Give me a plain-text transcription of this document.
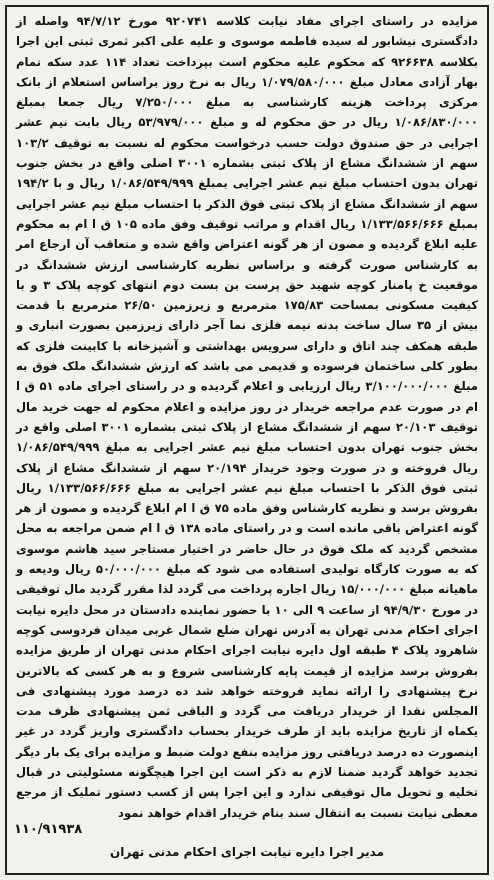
مزایده در راستای اجرای مفاد نیابت کلاسه ۹۲۰۷۴۱ مورخ ۹۴/۷/۱۲ واصله از دادگستری نیشابور له سیده فاطمه موسوی و علیه علی اکبر ثمری ثبتی این اجرا بکلاسه ۹۲۶۶۳۸ که محکوم علیه محکوم است بپرداخت تعداد ۱۱۴ عدد سکه تمام بهار آزادی معادل مبلغ ۱/۰۷۹/۵۸۰/۰۰۰ ریال به نرخ روز براساس استعلام از بانک مرکزی پرداخت هزینه کارشناسی به مبلغ ۷/۲۵۰/۰۰۰ ریال جمعا بمبلغ ۱/۰۸۶/۸۳۰/۰۰۰ ریال در حق محکوم له و مبلغ ۵۳/۹۷۹/۰۰۰ ریال بابت نیم عشر اجرایی در حق صندوق دولت حسب درخواست محکوم له نسبت به توقیف ۱۰۳/۲ سهم از ششدانگ مشاع از پلاک ثبتی بشماره ۳۰۰۱ اصلی واقع در بخش جنوب تهران بدون احتساب مبلغ نیم عشر اجرایی بمبلغ ۱/۰۸۶/۵۴۹/۹۹۹ ریال و با ۱۹۴/۲ سهم از ششدانگ مشاع از پلاک ثبتی فوق الذکر با احتساب مبلغ نیم عشر اجرایی بمبلغ ۱/۱۳۳/۵۶۶/۶۶۶ ریال اقدام و مراتب توقیف وفق ماده ۱۰۵ ق ا ام به محکوم علیه ابلاغ گردیده و مصون از هر گونه اعتراض واقع شده و متعاقب آن ارجاع امر به کارشناس صورت گرفته و براساس نظریه کارشناسی ارزش ششدانگ در موقعیت خ پامنار کوچه شهید حق پرست بن بست دوم انتهای کوچه پلاک ۳ و با کیفیت مسکونی بمساحت ۱۷۵/۸۳ مترمربع و زیرزمین ۲۶/۵۰ مترمربع با قدمت بیش از ۳۵ سال ساخت بدنه نیمه فلزی نما آجر دارای زیرزمین بصورت انباری و طبقه همکف چند اتاق و دارای سرویس بهداشتی و آشپزخانه با کابینت فلزی که بطور کلی ساختمان فرسوده و قدیمی می باشد که ارزش ششدانگ ملک فوق به مبلغ ۳/۱۰۰/۰۰۰/۰۰۰ ریال ارزیابی و اعلام گردیده و در راستای اجرای ماده ۵۱ ق ا ام در صورت عدم مراجعه خریدار در روز مزایده و اعلام محکوم له جهت خرید مال توقیف ۲۰/۱۰۳ سهم از ششدانگ مشاع از پلاک ثبتی بشماره ۳۰۰۱ اصلی واقع در بخش جنوب تهران بدون احتساب مبلغ نیم عشر اجرایی به مبلغ ۱/۰۸۶/۵۴۹/۹۹۹ ریال فروخته و در صورت وجود خریدار ۲۰/۱۹۴ سهم از ششدانگ مشاع از پلاک ثبتی فوق الذکر با احتساب مبلغ نیم عشر اجرایی به مبلغ ۱/۱۳۳/۵۶۶/۶۶۶ ریال بفروش برسد و نظریه کارشناس وفق ماده ۷۵ ق ا ام ابلاغ گردیده و مصون از هر گونه اعتراض باقی مانده است و در راستای ماده ۱۳۸ ق ا ام ضمن مراجعه به محل مشخص گردید که ملک فوق در حال حاضر در اختیار مستاجر سید هاشم موسوی که به صورت کارگاه تولیدی استفاده می شود که مبلغ ۵۰/۰۰۰/۰۰۰ ریال ودیعه و ماهیانه مبلغ ۱۵/۰۰۰/۰۰۰ ریال اجاره پرداخت می گردد لذا مقرر گردید مال توقیفی در مورخ ۹۴/۹/۳۰ از ساعت ۹ الی ۱۰ با حضور نماینده دادستان در محل دایره نیابت اجرای احکام مدنی تهران به آدرس تهران ضلع شمال غربی میدان فردوسی کوچه شاهرود پلاک ۴ طبقه اول دایره نیابت اجرای احکام مدنی تهران از طریق مزایده بفروش برسد مزایده از قیمت پایه کارشناسی شروع و به هر کسی که بالاترین نرخ پیشنهادی را ارائه نماید فروخته خواهد شد ده درصد مورد پیشنهادی فی المجلس نقدا از خریدار دریافت می گردد و الباقی ثمن پیشنهادی ظرف مدت یکماه از تاریخ مزایده باید از طرف خریدار بحساب دادگستری واریز گردد در غیر اینصورت ده درصد دریافتی روز مزایده بنفع دولت ضبط و مزایده برای یک بار دیگر تجدید خواهد گردید ضمنا لازم به ذکر است این اجرا هیچگونه مسئولیتی در قبال تخلیه و تحویل مال توقیفی ندارد و این اجرا پس از کسب دستور تملیک از مرجع معطی نیابت نسبت به انتقال سند بنام خریدار اقدام خواهد نمود

۱۱۰/۹۱۹۳۸
مدیر اجرا دایره نیابت اجرای احکام مدنی تهران
